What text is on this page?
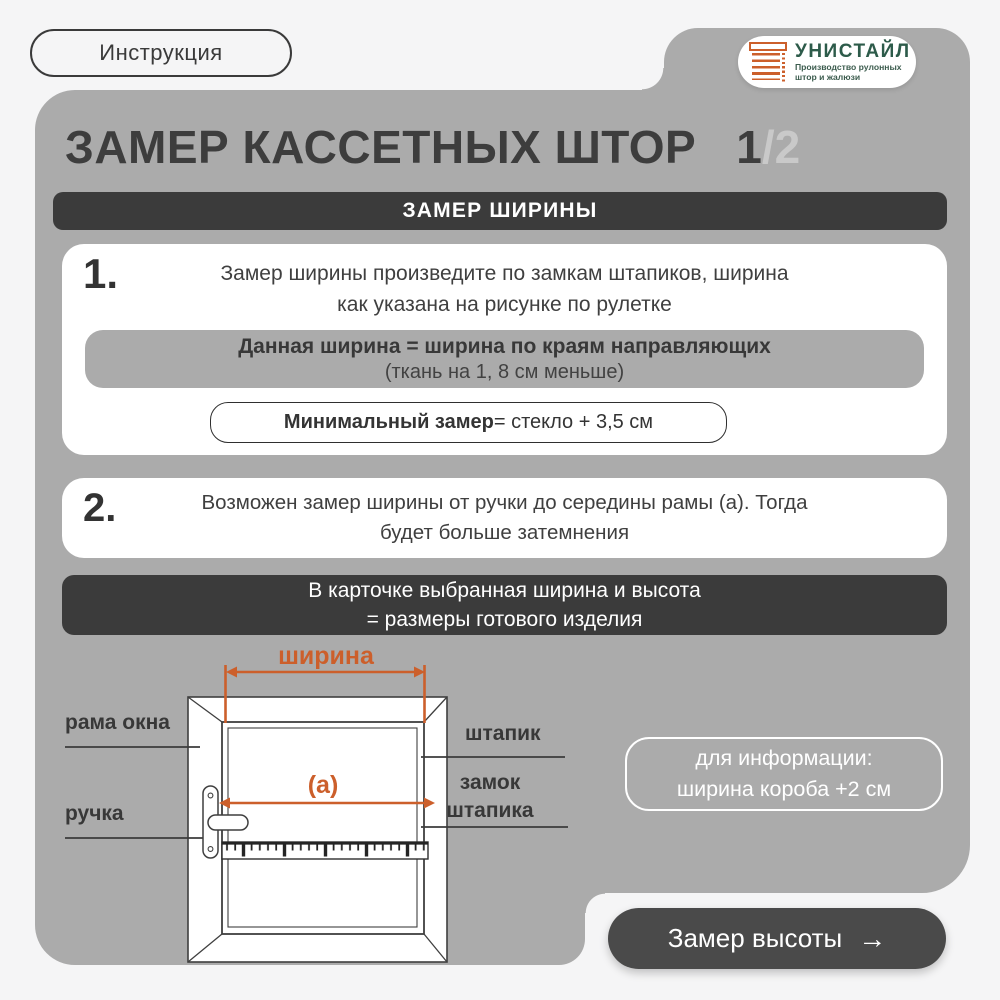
Инструкция	УНИСТАЙЛ
Производство рулонных
штор и жалюзи
ЗАМЕР КАССЕТНЫХ ШТОР 1/2
ЗАМЕР ШИРИНЫ
1.	Замер ширины произведите по замкам штапиков, ширина
как указана на рисунке по рулетке
Данная ширина = ширина по краям направляющих
(ткань на 1, 8 см меньше)
Минимальный замер = стекло + 3,5 см
2.	Возможен замер ширины от ручки до середины рамы (а). Тогда
будет больше затемнения
В карточке выбранная ширина и высота
= размеры готового изделия
ширина
(а)
рама окна
ручка
штапик
замок
штапика
для информации:
ширина короба +2 см
Замер высоты →
